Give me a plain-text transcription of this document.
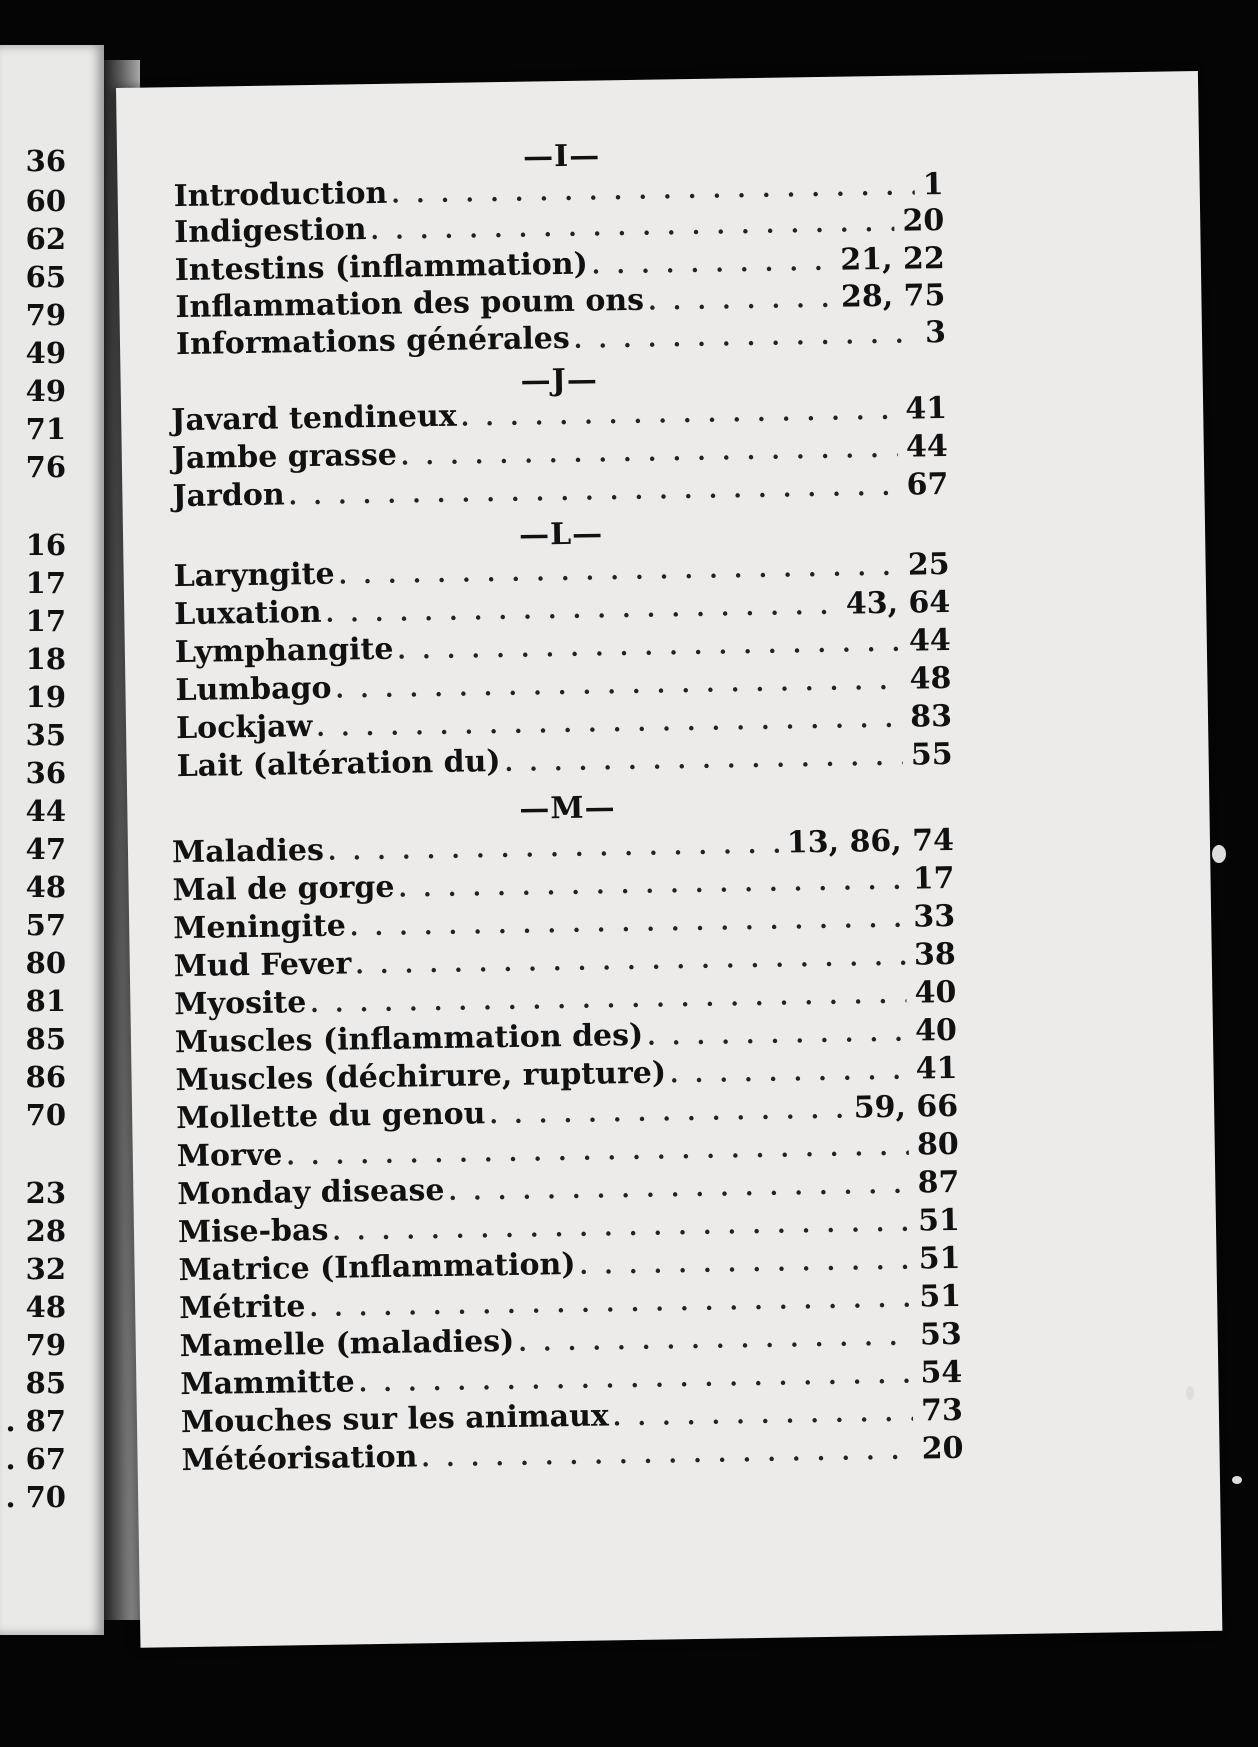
36
60
62
65
79
49
49
71
76
16
17
17
18
19
35
36
44
47
48
57
80
81
85
86
70
23
28
32
48
79
85
. 87
. 67
. 70
—I—
Introduction . . .	1
Indigestion . . .	20
Intestins (inflammation) . . .	21, 22
Inflammation des poum ons . . .	28, 75
Informations générales . . .	3
—J—
Javard tendineux . . .	41
Jambe grasse . . .	44
Jardon . . .	67
—L—
Laryngite . . .	25
Luxation . . .	43, 64
Lymphangite . . .	44
Lumbago . . .	48
Lockjaw . . .	83
Lait (altération du) . . .	55
—M—
Maladies . . .	13, 86, 74
Mal de gorge . . .	17
Meningite . . .	33
Mud Fever . . .	38
Myosite . . .	40
Muscles (inflammation des) . . .	40
Muscles (déchirure, rupture) . . .	41
Mollette du genou . . .	59, 66
Morve . . .	80
Monday disease . . .	87
Mise-bas . . .	51
Matrice (Inflammation) . . .	51
Métrite . . .	51
Mamelle (maladies) . . .	53
Mammitte . . .	54
Mouches sur les animaux . . .	73
Météorisation . . .	20
